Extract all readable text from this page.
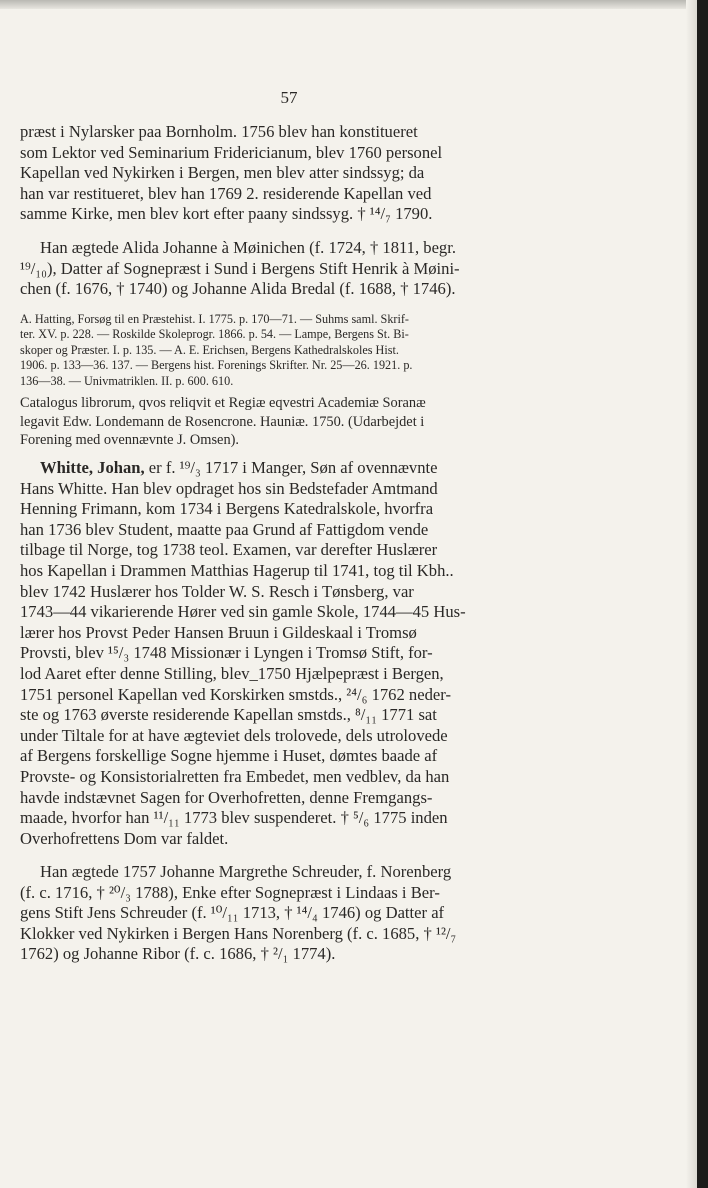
57
præst i Nylarsker paa Bornholm. 1756 blev han konstitueret
som Lektor ved Seminarium Fridericianum, blev 1760 personel
Kapellan ved Nykirken i Bergen, men blev atter sindssyg; da
han var restitueret, blev han 1769 2. residerende Kapellan ved
samme Kirke, men blev kort efter paany sindssyg. † ¹⁴/₇ 1790.
Han ægtede Alida Johanne à Møinichen (f. 1724, † 1811, begr.
¹⁹/₁₀), Datter af Sognepræst i Sund i Bergens Stift Henrik à Møini-
chen (f. 1676, † 1740) og Johanne Alida Bredal (f. 1688, † 1746).
A. Hatting, Forsøg til en Præstehist. I. 1775. p. 170—71. — Suhms saml. Skrif-
ter. XV. p. 228. — Roskilde Skoleprogr. 1866. p. 54. — Lampe, Bergens St. Bi-
skoper og Præster. I. p. 135. — A. E. Erichsen, Bergens Kathedralskoles Hist.
1906. p. 133—36. 137. — Bergens hist. Forenings Skrifter. Nr. 25—26. 1921. p.
136—38. — Univmatriklen. II. p. 600. 610.
Catalogus librorum, qvos reliqvit et Regiæ eqvestri Academiæ Soranæ
legavit Edw. Londemann de Rosencrone. Hauniæ. 1750. (Udarbejdet i
Forening med ovennævnte J. Omsen).
Whitte, Johan, er f. ¹⁹/₃ 1717 i Manger, Søn af ovennævnte
Hans Whitte. Han blev opdraget hos sin Bedstefader Amtmand
Henning Frimann, kom 1734 i Bergens Katedralskole, hvorfra
han 1736 blev Student, maatte paa Grund af Fattigdom vende
tilbage til Norge, tog 1738 teol. Examen, var derefter Huslærer
hos Kapellan i Drammen Matthias Hagerup til 1741, tog til Kbh..
blev 1742 Huslærer hos Tolder W. S. Resch i Tønsberg, var
1743—44 vikarierende Hører ved sin gamle Skole, 1744—45 Hus-
lærer hos Provst Peder Hansen Bruun i Gildeskaal i Tromsø
Provsti, blev ¹⁵/₃ 1748 Missionær i Lyngen i Tromsø Stift, for-
lod Aaret efter denne Stilling, blev_1750 Hjælpepræst i Bergen,
1751 personel Kapellan ved Korskirken smstds., ²⁴/₆ 1762 neder-
ste og 1763 øverste residerende Kapellan smstds., ⁸/₁₁ 1771 sat
under Tiltale for at have ægteviet dels trolovede, dels utrolovede
af Bergens forskellige Sogne hjemme i Huset, dømtes baade af
Provste- og Konsistorialretten fra Embedet, men vedblev, da han
havde indstævnet Sagen for Overhofretten, denne Fremgangs-
maade, hvorfor han ¹¹/₁₁ 1773 blev suspenderet. † ⁵/₆ 1775 inden
Overhofrettens Dom var faldet.
Han ægtede 1757 Johanne Margrethe Schreuder, f. Norenberg
(f. c. 1716, † ²⁰/₃ 1788), Enke efter Sognepræst i Lindaas i Ber-
gens Stift Jens Schreuder (f. ¹⁰/₁₁ 1713, † ¹⁴/₄ 1746) og Datter af
Klokker ved Nykirken i Bergen Hans Norenberg (f. c. 1685, † ¹²/₇
1762) og Johanne Ribor (f. c. 1686, † ²/₁ 1774).
